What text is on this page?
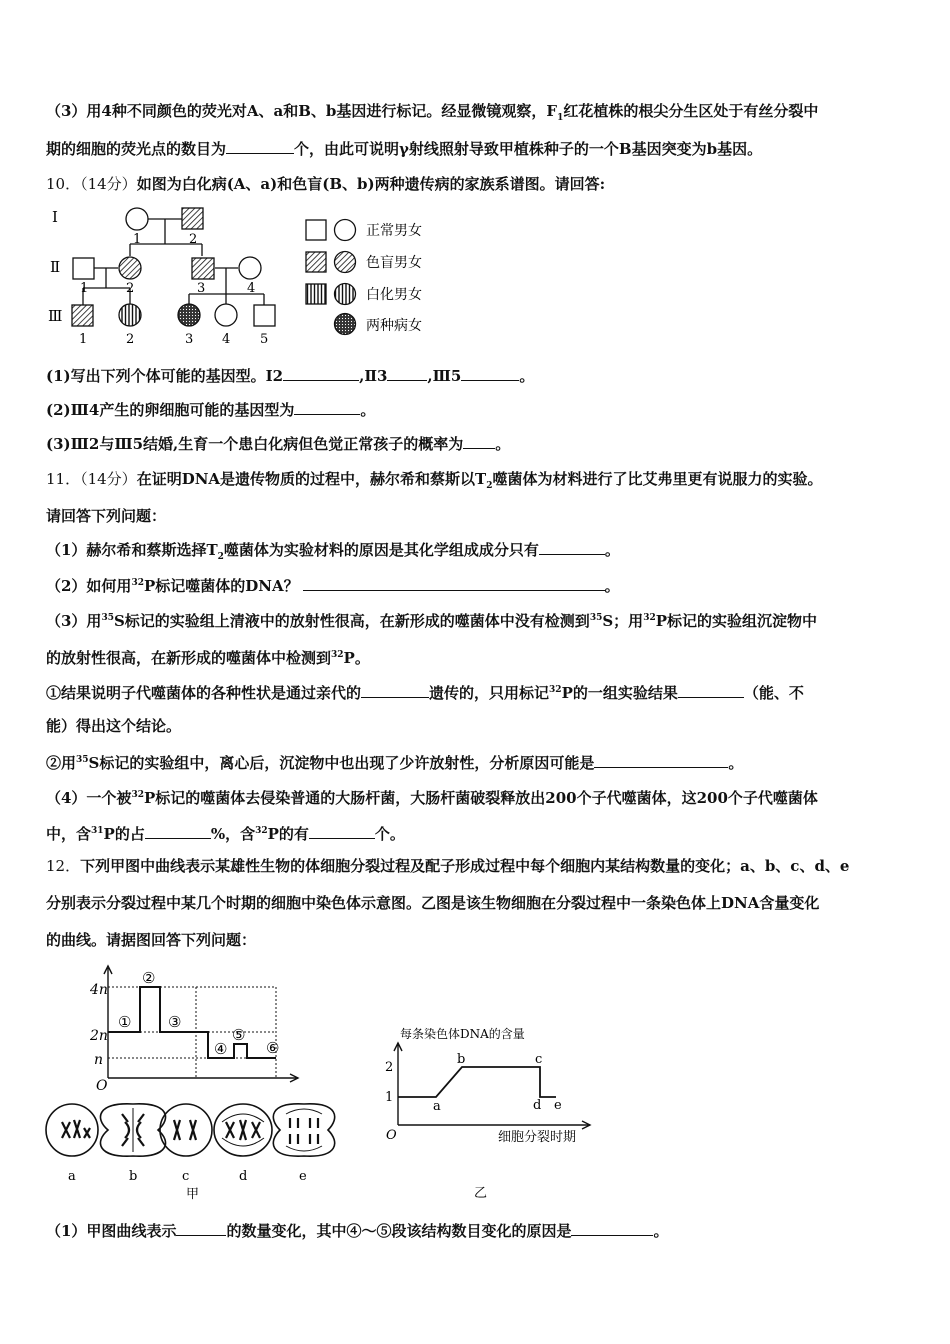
（3）用4种不同颜色的荧光对A、a和B、b基因进行标记。经显微镜观察，$F_1$红花植株的根尖分生区处于有丝分裂中
期的细胞的荧光点的数目为	个，由此可说明γ射线照射导致甲植株种子的一个B基因突变为b基因。
10．（14分）如图为白化病(A、a)和色盲(B、b)两种遗传病的家族系谱图。请回答:
Ⅰ
Ⅱ
Ⅲ
1	2
1	2	3	4
1	2	3 4 5
正常男女
色盲男女
白化男女
两种病女
(1)写出下列个体可能的基因型。Ⅰ2	,Ⅱ3	,Ⅲ5	。
(2)Ⅲ4产生的卵细胞可能的基因型为	。
(3)Ⅲ2与Ⅲ5结婚,生育一个患白化病但色觉正常孩子的概率为 。
11．（14分）在证明DNA是遗传物质的过程中，赫尔希和蔡斯以$T_2$噬菌体为材料进行了比艾弗里更有说服力的实验。
请回答下列问题：
（1）赫尔希和蔡斯选择$T_2$噬菌体为实验材料的原因是其化学组成成分只有	。
（2）如何用$^{32}$P标记噬菌体的DNA？	。
（3）用$^{35}$S标记的实验组上清液中的放射性很高，在新形成的噬菌体中没有检测到$^{35}$S；用$^{32}$P标记的实验组沉淀物中
的放射性很高，在新形成的噬菌体中检测到$^{32}$P。
①结果说明子代噬菌体的各种性状是通过亲代的	遗传的，只用标记$^{32}$P的一组实验结果	（能、不
能）得出这个结论。
②用$^{35}$S标记的实验组中，离心后，沉淀物中也出现了少许放射性，分析原因可能是	。
（4）一个被$^{32}$P标记的噬菌体去侵染普通的大肠杆菌，大肠杆菌破裂释放出200个子代噬菌体，这200个子代噬菌体
中，含$^{31}$P的占	%，含$^{32}$P的有	个。
12．下列甲图中曲线表示某雄性生物的体细胞分裂过程及配子形成过程中每个细胞内某结构数量的变化；a、b、c、d、e
分别表示分裂过程中某几个时期的细胞中染色体示意图。乙图是该生物细胞在分裂过程中一条染色体上DNA含量变化
的曲线。请据图回答下列问题：
4n
2n
n
O
①
②
③
④
⑤
⑥
a	b	c	d	e
甲
每条染色体DNA的含量
2
1
O
a
b	c
d e
细胞分裂时期
乙
（1）甲图曲线表示	的数量变化，其中④～⑤段该结构数目变化的原因是	。
